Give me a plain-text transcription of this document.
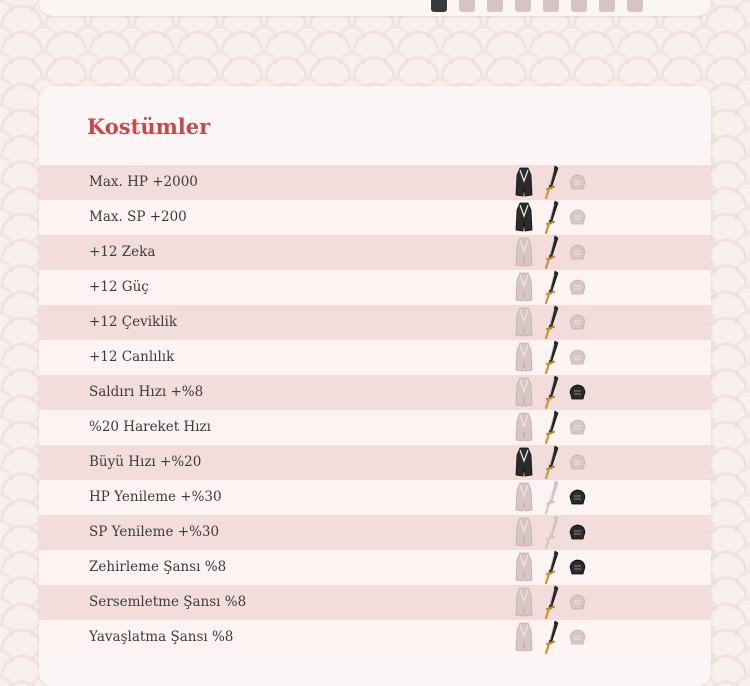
Kostümler
Max. HP +2000
Max. SP +200
+12 Zeka
+12 Güç
+12 Çeviklik
+12 Canlılık
Saldırı Hızı +%8
%20 Hareket Hızı
Büyü Hızı +%20
HP Yenileme +%30
SP Yenileme +%30
Zehirleme Şansı %8
Sersemletme Şansı %8
Yavaşlatma Şansı %8
